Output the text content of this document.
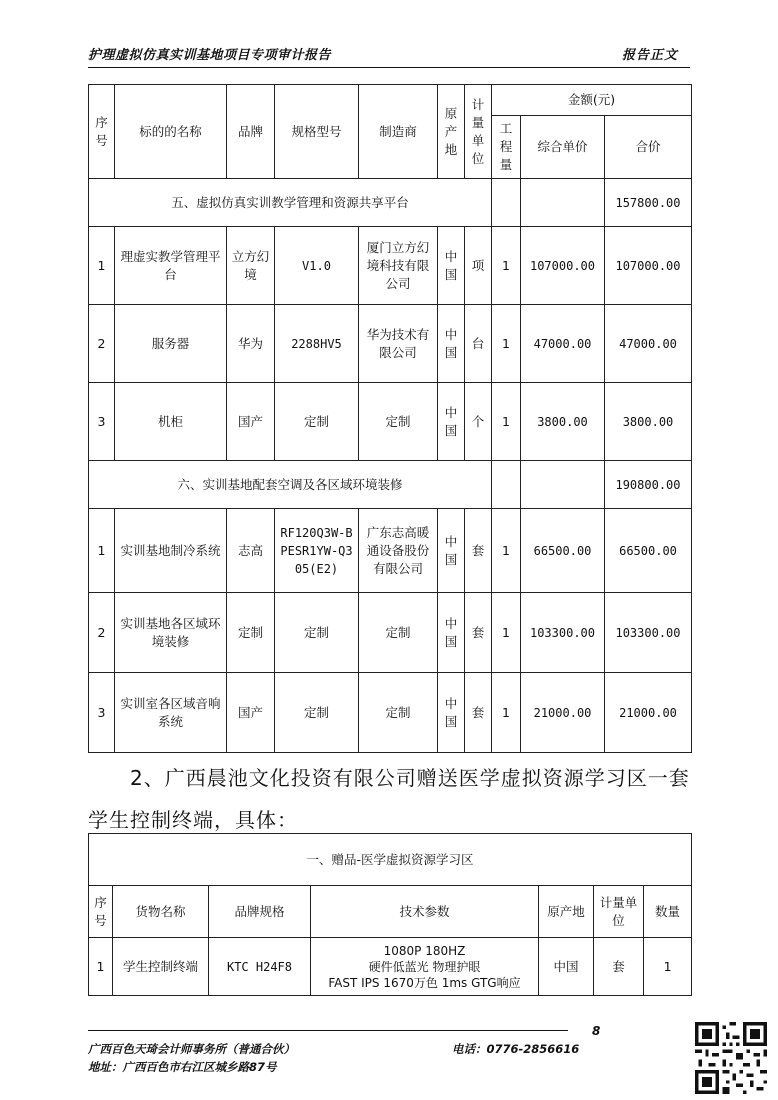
护理虚拟仿真实训基地项目专项审计报告	报告正文
序号	标的的名称	品牌	规格型号	制造商	原产地	计量单位	金额(元)		
							工程量	综合单价	合价
五、虚拟仿真实训教学管理和资源共享平台									157800.00
1	理虚实教学管理平台	立方幻境	V1.0	厦门立方幻境科技有限公司	中国	项	1	107000.00	107000.00
2	服务器	华为	2288HV5	华为技术有限公司	中国	台	1	47000.00	47000.00
3	机柜	国产	定制	定制	中国	个	1	3800.00	3800.00
六、实训基地配套空调及各区域环境装修									190800.00
1	实训基地制冷系统	志高	RF120Q3W-BPESR1YW-Q305(E2)	广东志高暖通设备股份有限公司	中国	套	1	66500.00	66500.00
2	实训基地各区域环境装修	定制	定制	定制	中国	套	1	103300.00	103300.00
3	实训室各区域音响系统	国产	定制	定制	中国	套	1	21000.00	21000.00
2、广西晨池文化投资有限公司赠送医学虚拟资源学习区一套
学生控制终端，具体：
一、赠品-医学虚拟资源学习区						
序号	货物名称	品牌规格	技术参数	原产地	计量单位	数量
1	学生控制终端	KTC H24F8	1080P 180HZ
硬件低蓝光 物理护眼
FAST IPS 1670万色 1ms GTG响应	中国	套	1
8
广西百色天琦会计师事务所（普通合伙）	电话：0776-2856616
地址：广西百色市右江区城乡路87号
